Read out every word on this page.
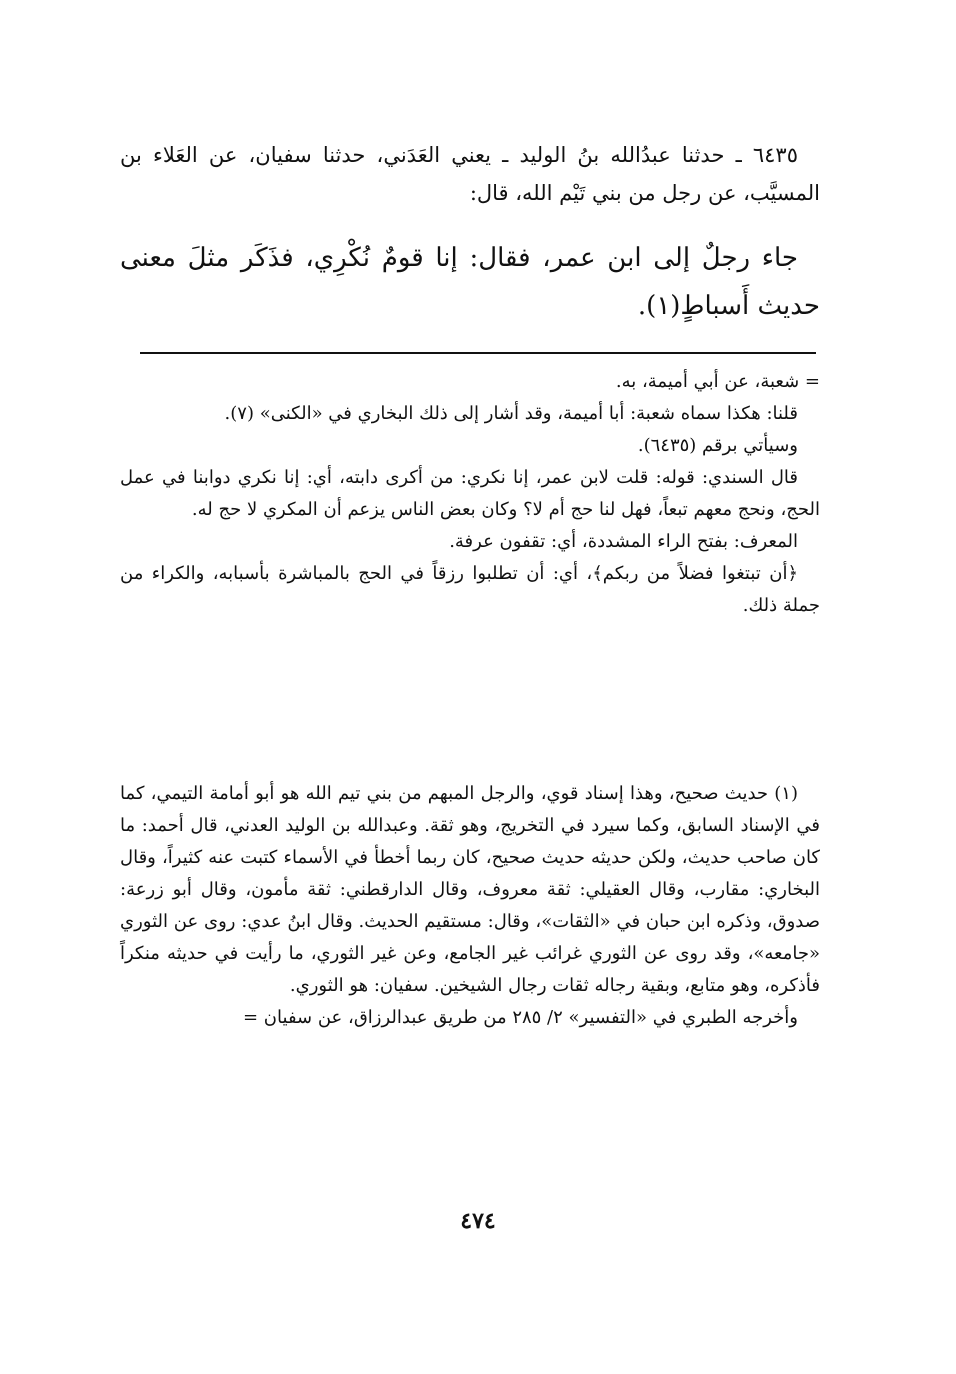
٦٤٣٥ ـ حدثنا عبدُالله بنُ الوليد ـ يعني العَدَني، حدثنا سفيان، عن العَلاء بن المسيَّب، عن رجل من بني تَيْم الله، قال:

جاء رجلٌ إلى ابن عمر، فقال: إنا قومٌ نُكْرِي، فذَكَر مثلَ معنى حديث أَسباطٍ(١).

= شعبة، عن أبي أميمة، به.

قلنا: هكذا سماه شعبة: أبا أميمة، وقد أشار إلى ذلك البخاري في «الكنى» (٧).

وسيأتي برقم (٦٤٣٥).

قال السندي: قوله: قلت لابن عمر، إنا نكري: من أكرى دابته، أي: إنا نكري دوابنا في عمل الحج، ونحج معهم تبعاً، فهل لنا حج أم لا؟ وكان بعض الناس يزعم أن المكري لا حج له.

المعرف: بفتح الراء المشددة، أي: تقفون عرفة.

﴿أن تبتغوا فضلاً من ربكم﴾، أي: أن تطلبوا رزقاً في الحج بالمباشرة بأسبابه، والكراء من جملة ذلك.

(١) حديث صحيح، وهذا إسناد قوي، والرجل المبهم من بني تيم الله هو أبو أمامة التيمي، كما في الإسناد السابق، وكما سيرد في التخريج، وهو ثقة. وعبدالله بن الوليد العدني، قال أحمد: ما كان صاحب حديث، ولكن حديثه حديث صحيح، كان ربما أخطأ في الأسماء كتبت عنه كثيراً، وقال البخاري: مقارب، وقال العقيلي: ثقة معروف، وقال الدارقطني: ثقة مأمون، وقال أبو زرعة: صدوق، وذكره ابن حبان في «الثقات»، وقال: مستقيم الحديث. وقال ابنُ عدي: روى عن الثوري «جامعه»، وقد روى عن الثوري غرائب غير الجامع، وعن غير الثوري، ما رأيت في حديثه منكراً فأذكره، وهو متابع، وبقية رجاله ثقات رجال الشيخين. سفيان: هو الثوري.

وأخرجه الطبري في «التفسير» ٢/ ٢٨٥ من طريق عبدالرزاق، عن سفيان =

٤٧٤
